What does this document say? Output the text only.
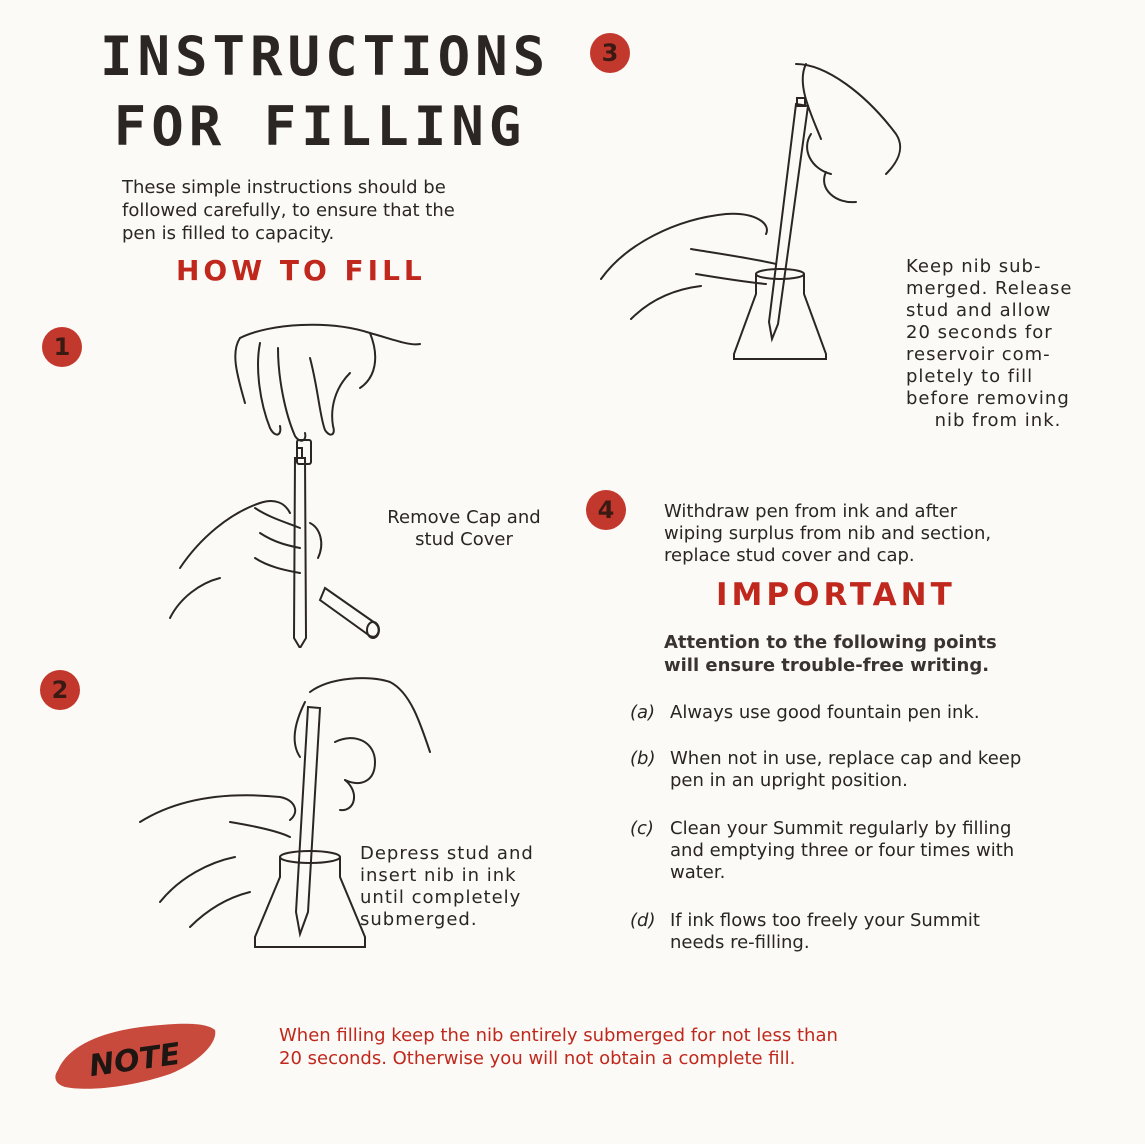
INSTRUCTIONS
FOR FILLING
These simple instructions should be
followed carefully, to ensure that the
pen is filled to capacity.
HOW TO FILL
1
2
3
4
Remove Cap and
stud Cover
Depress stud and
insert nib in ink
until completely
submerged.
Keep nib sub-
merged. Release
stud and allow
20 seconds for
reservoir com-
pletely to fill
before removing
nib from ink.
Withdraw pen from ink and after
wiping surplus from nib and section,
replace stud cover and cap.
IMPORTANT
Attention to the following points
will ensure trouble-free writing.
(a) Always use good fountain pen ink.
(b) When not in use, replace cap and keep pen in an upright position.
(c) Clean your Summit regularly by filling and emptying three or four times with water.
(d) If ink flows too freely your Summit needs re-filling.
NOTE
When filling keep the nib entirely submerged for not less than
20 seconds. Otherwise you will not obtain a complete fill.
